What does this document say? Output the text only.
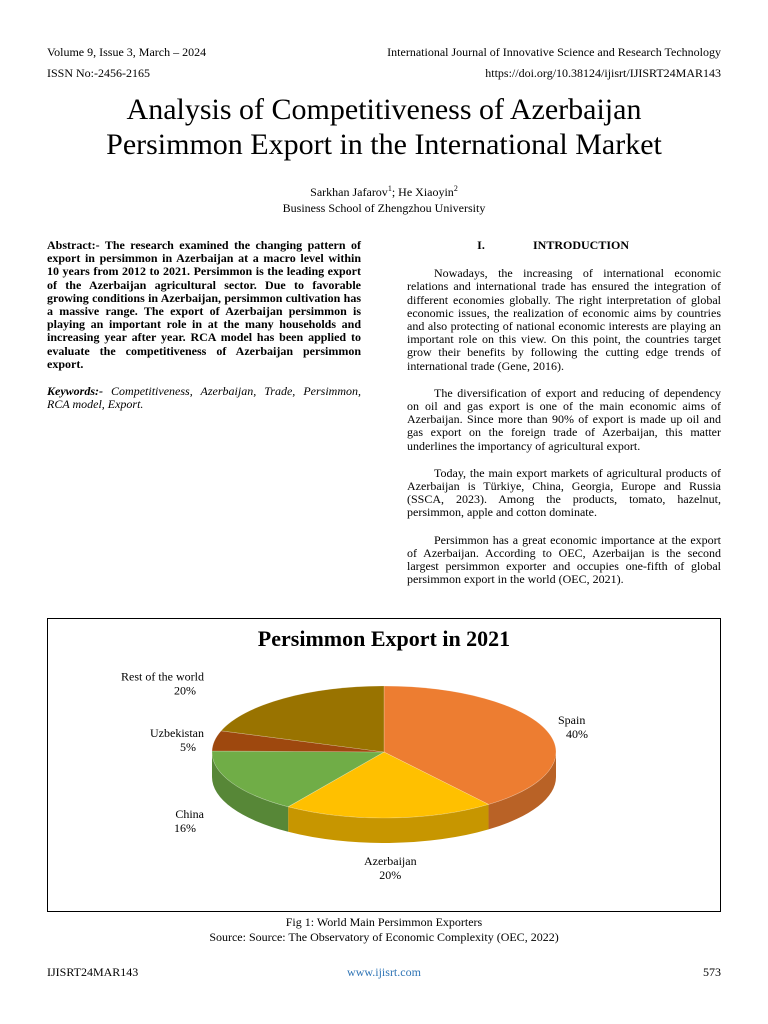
Volume 9, Issue 3, March – 2024	International Journal of Innovative Science and Research Technology
ISSN No:-2456-2165	https://doi.org/10.38124/ijisrt/IJISRT24MAR143
Analysis of Competitiveness of Azerbaijan
Persimmon Export in the International Market
Sarkhan Jafarov$^1$; He Xiaoyin$^2$
Business School of Zhengzhou University

Abstract:- The research examined the changing pattern of export in persimmon in Azerbaijan at a macro level within 10 years from 2012 to 2021. Persimmon is the leading export of the Azerbaijan agricultural sector. Due to favorable growing conditions in Azerbaijan, persimmon cultivation has a massive range. The export of Azerbaijan persimmon is playing an important role in at the many households and increasing year after year. RCA model has been applied to evaluate the competitiveness of Azerbaijan persimmon export.

Keywords:- Competitiveness, Azerbaijan, Trade, Persimmon, RCA model, Export.

I.	INTRODUCTION

Nowadays, the increasing of international economic relations and international trade has ensured the integration of different economies globally. The right interpretation of global economic issues, the realization of economic aims by countries and also protecting of national economic interests are playing an important role on this view. On this point, the countries target grow their benefits by following the cutting edge trends of international trade (Gene, 2016).

The diversification of export and reducing of dependency on oil and gas export is one of the main economic aims of Azerbaijan. Since more than 90% of export is made up oil and gas export on the foreign trade of Azerbaijan, this matter underlines the importancy of agricultural export.

Today, the main export markets of agricultural products of Azerbaijan is Türkiye, China, Georgia, Europe and Russia (SSCA, 2023). Among the products, tomato, hazelnut, persimmon, apple and cotton dominate.

Persimmon has a great economic importance at the export of Azerbaijan. According to OEC, Azerbaijan is the second largest persimmon exporter and occupies one-fifth of global persimmon export in the world (OEC, 2021).

Persimmon Export in 2021
Spain
40%
Azerbaijan
20%
China
16%
Uzbekistan
5%
Rest of the world
20%
Fig 1: World Main Persimmon Exporters
Source: Source: The Observatory of Economic Complexity (OEC, 2022)
IJISRT24MAR143	www.ijisrt.com	573
